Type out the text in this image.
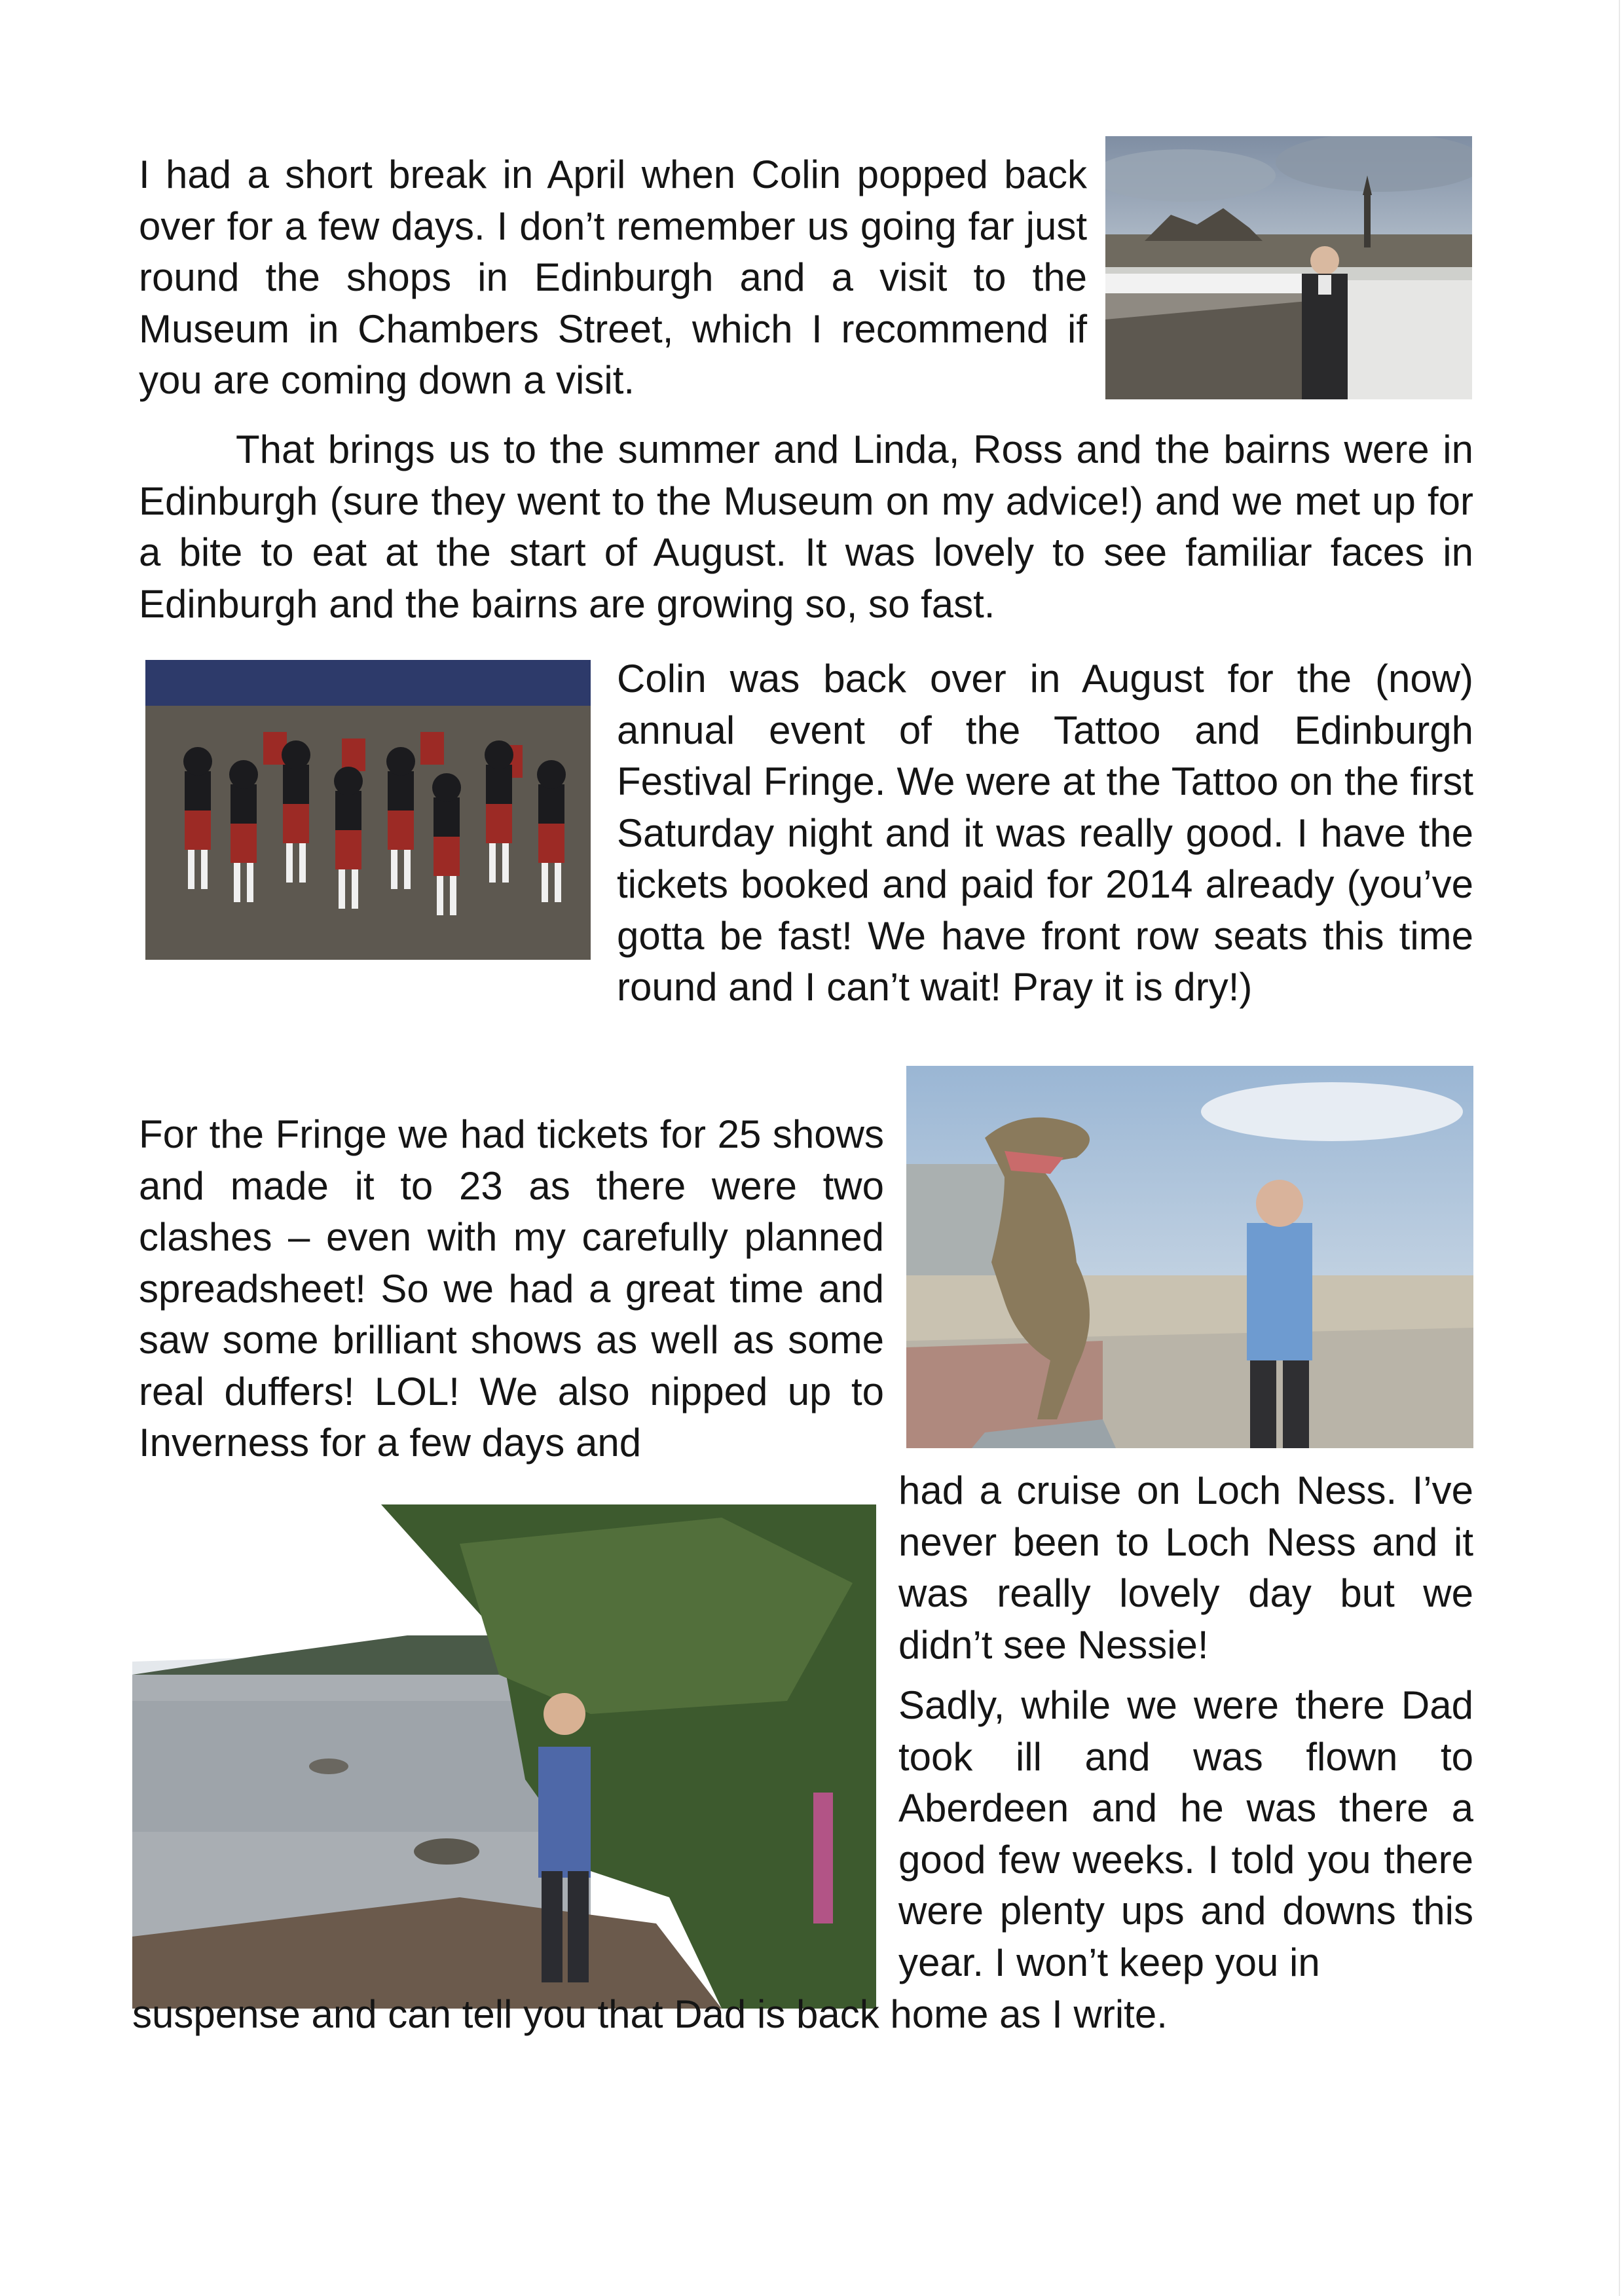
I had a short break in April when Colin popped back over for a few days. I don’t remember us going far just round the shops in Edinburgh and a visit to the Museum in Chambers Street, which I recommend if you are coming down a visit.

That brings us to the summer and Linda, Ross and the bairns were in Edinburgh (sure they went to the Museum on my advice!) and we met up for a bite to eat at the start of August. It was lovely to see familiar faces in Edinburgh and the bairns are growing so, so fast.

Colin was back over in August for the (now) annual event of the Tattoo and Edinburgh Festival Fringe. We were at the Tattoo on the first Saturday night and it was really good. I have the tickets booked and paid for 2014 already (you’ve gotta be fast! We have front row seats this time round and I can’t wait! Pray it is dry!)

For the Fringe we had tickets for 25 shows and made it to 23 as there were two clashes – even with my carefully planned spreadsheet! So we had a great time and saw some brilliant shows as well as some real duffers! LOL! We also nipped up to Inverness for a few days and

had a cruise on Loch Ness. I’ve never been to Loch Ness and it was really lovely day but we didn’t see Nessie!

Sadly, while we were there Dad took ill and was flown to Aberdeen and he was there a good few weeks. I told you there were plenty ups and downs this year. I won’t keep you in

suspense and can tell you that Dad is back home as I write.
